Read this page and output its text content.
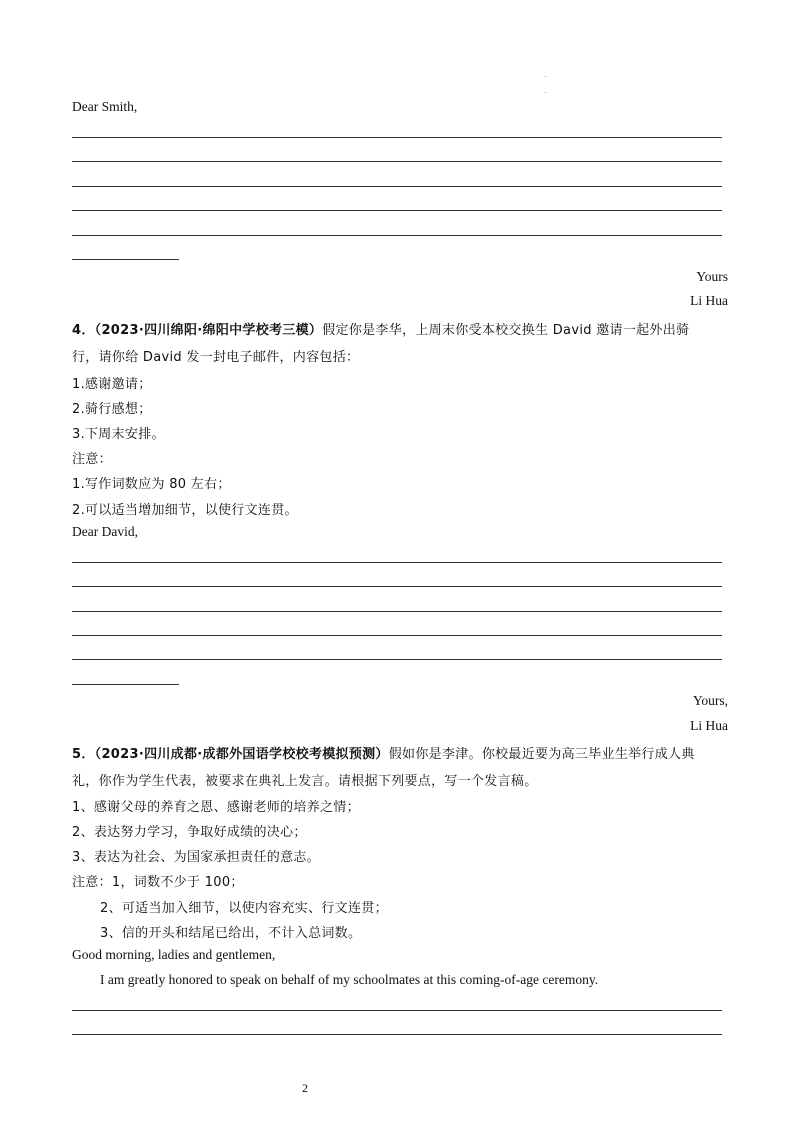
Dear Smith,
Yours
Li Hua
4．（2023·四川绵阳·绵阳中学校考三模）假定你是李华，上周末你受本校交换生 David 邀请一起外出骑
行，请你给 David 发一封电子邮件，内容包括：
1.感谢邀请；
2.骑行感想；
3.下周末安排。
注意：
1.写作词数应为 80 左右；
2.可以适当增加细节，以使行文连贯。
Dear David,
Yours,
Li Hua
5．（2023·四川成都·成都外国语学校校考模拟预测）假如你是李津。你校最近要为高三毕业生举行成人典
礼，你作为学生代表，被要求在典礼上发言。请根据下列要点，写一个发言稿。
1、感谢父母的养育之恩、感谢老师的培养之情；
2、表达努力学习，争取好成绩的决心；
3、表达为社会、为国家承担责任的意志。
注意：1，词数不少于 100；
2、可适当加入细节，以使内容充实、行文连贯；
3、信的开头和结尾已给出，不计入总词数。
Good morning, ladies and gentlemen,
I am greatly honored to speak on behalf of my schoolmates at this coming-of-age ceremony.
2
